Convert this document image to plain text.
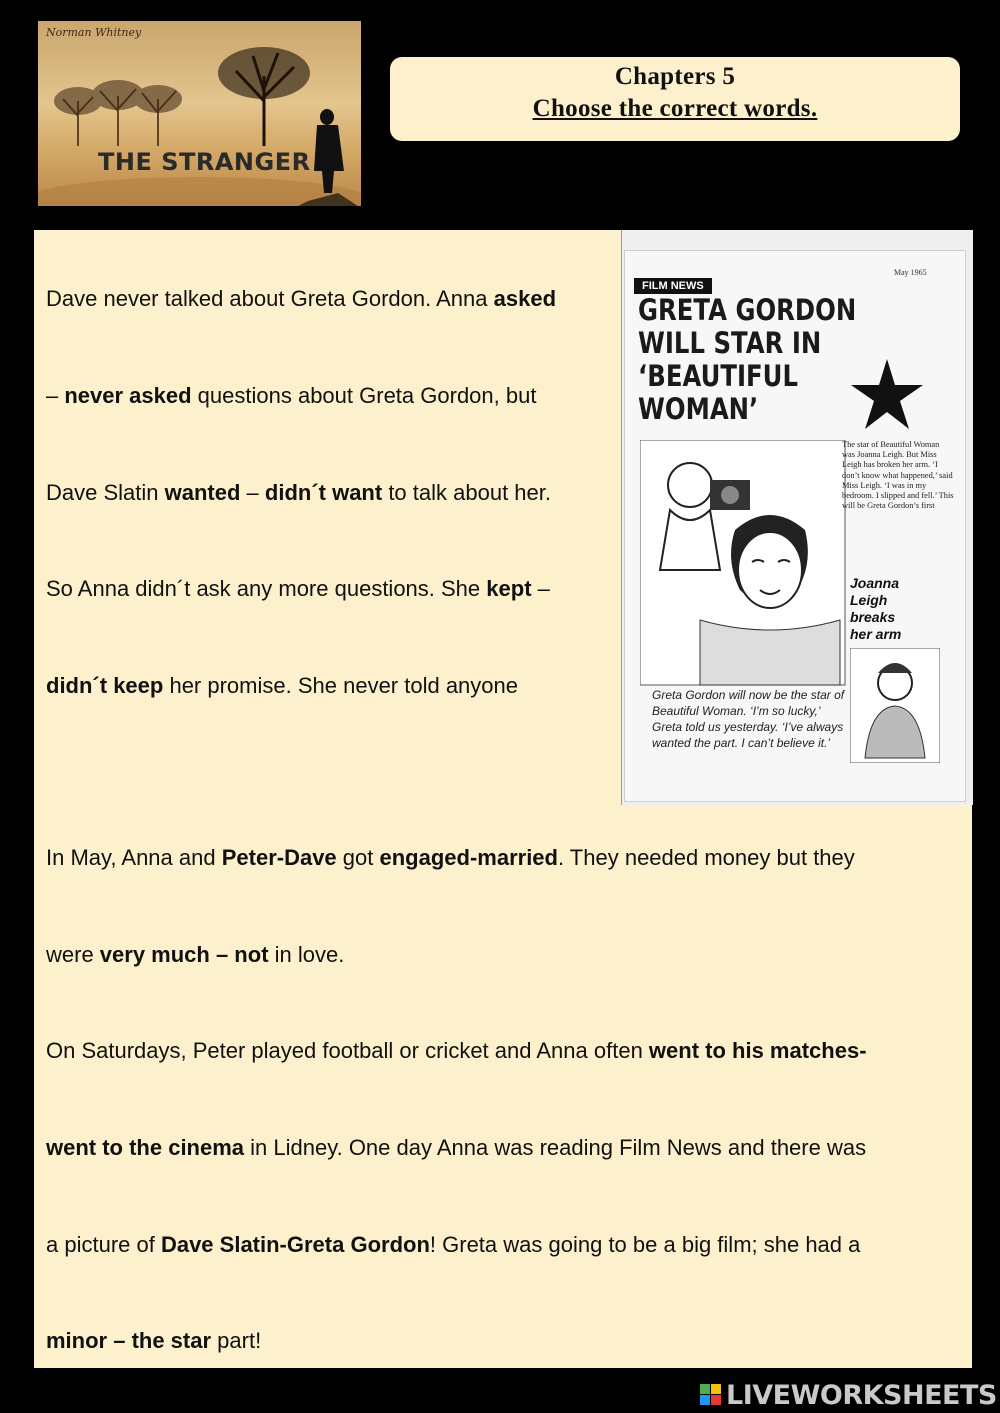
Norman Whitney
THE STRANGER
Chapters 5
Choose the correct words.
Dave never talked about Greta Gordon. Anna asked
– never asked questions about Greta Gordon, but
Dave Slatin wanted – didn´t want to talk about her.
So Anna didn´t ask any more questions. She kept –
didn´t keep her promise. She never told anyone
May 1965
FILM NEWS
GRETA GORDON
WILL STAR IN
‘BEAUTIFUL
WOMAN’
The star of Beautiful Woman was Joanna Leigh. But Miss Leigh has broken her arm. ‘I don’t know what happened,’ said Miss Leigh. ‘I was in my bedroom. I slipped and fell.’ This will be Greta Gordon’s first
Joanna
Leigh
breaks
her arm
Greta Gordon will now be the star of Beautiful Woman. ‘I’m so lucky,’ Greta told us yesterday. ‘I’ve always wanted the part. I can’t believe it.’
In May, Anna and Peter-Dave got engaged-married. They needed money but they
were very much – not in love.
On Saturdays, Peter played football or cricket and Anna often went to his matches-
went to the cinema in Lidney. One day Anna was reading Film News and there was
a picture of Dave Slatin-Greta Gordon! Greta was going to be a big film; she had a
minor – the star part!
LIVEWORKSHEETS
